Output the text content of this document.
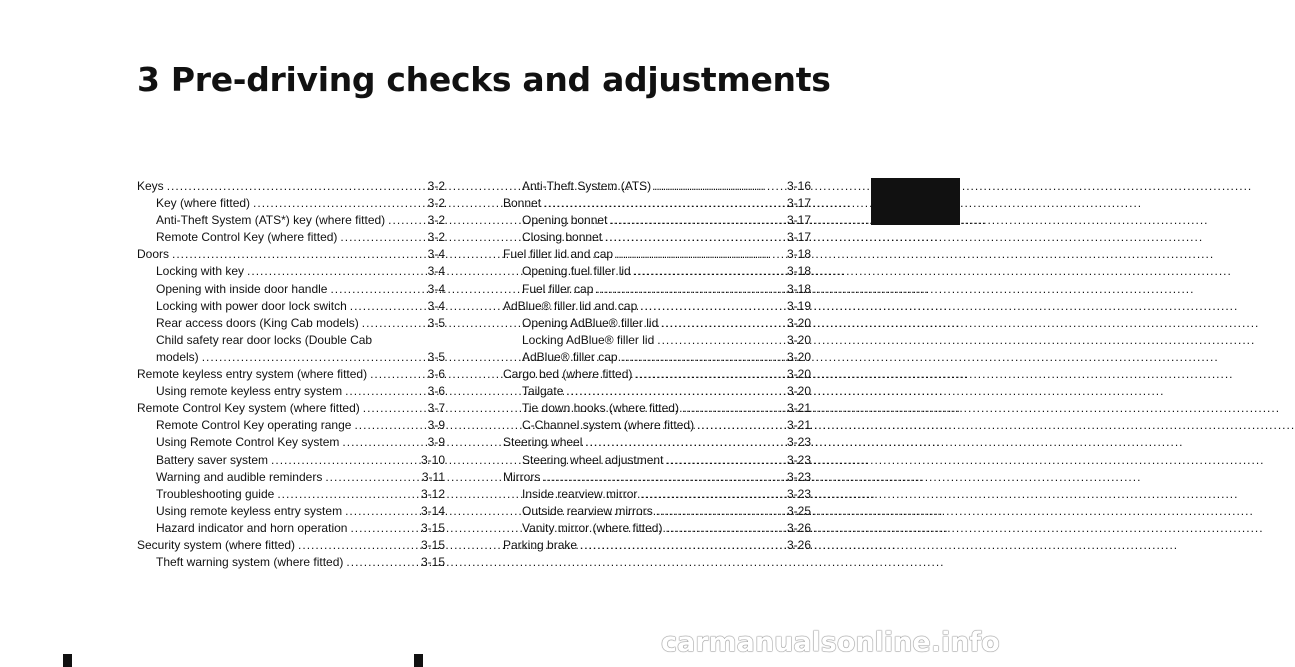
3 Pre-driving checks and adjustments
Keys .....	3-2
Key (where fitted) .....	3-2
Anti-Theft System (ATS*) key (where fitted) .....	3-2
Remote Control Key (where fitted) .....	3-2
Doors .....	3-4
Locking with key .....	3-4
Opening with inside door handle .....	3-4
Locking with power door lock switch .....	3-4
Rear access doors (King Cab models) .....	3-5
Child safety rear door locks (Double Cab
models) .....	3-5
Remote keyless entry system (where fitted) .....	3-6
Using remote keyless entry system .....	3-6
Remote Control Key system (where fitted) .....	3-7
Remote Control Key operating range .....	3-9
Using Remote Control Key system .....	3-9
Battery saver system .....	3-10
Warning and audible reminders .....	3-11
Troubleshooting guide .....	3-12
Using remote keyless entry system .....	3-14
Hazard indicator and horn operation .....	3-15
Security system (where fitted) .....	3-15
Theft warning system (where fitted) .....	3-15
Anti-Theft System (ATS) .....	3-16
Bonnet .....	3-17
Opening bonnet .....	3-17
Closing bonnet .....	3-17
Fuel filler lid and cap .....	3-18
Opening fuel filler lid .....	3-18
Fuel filler cap .....	3-18
AdBlue® filler lid and cap .....	3-19
Opening AdBlue® filler lid .....	3-20
Locking AdBlue® filler lid .....	3-20
AdBlue® filler cap .....	3-20
Cargo bed (where fitted) .....	3-20
Tailgate .....	3-20
Tie down hooks (where fitted) .....	3-21
C-Channel system (where fitted) .....	3-21
Steering wheel .....	3-23
Steering wheel adjustment .....	3-23
Mirrors .....	3-23
Inside rearview mirror .....	3-23
Outside rearview mirrors .....	3-25
Vanity mirror (where fitted) .....	3-26
Parking brake .....	3-26
carmanualsonline.info
